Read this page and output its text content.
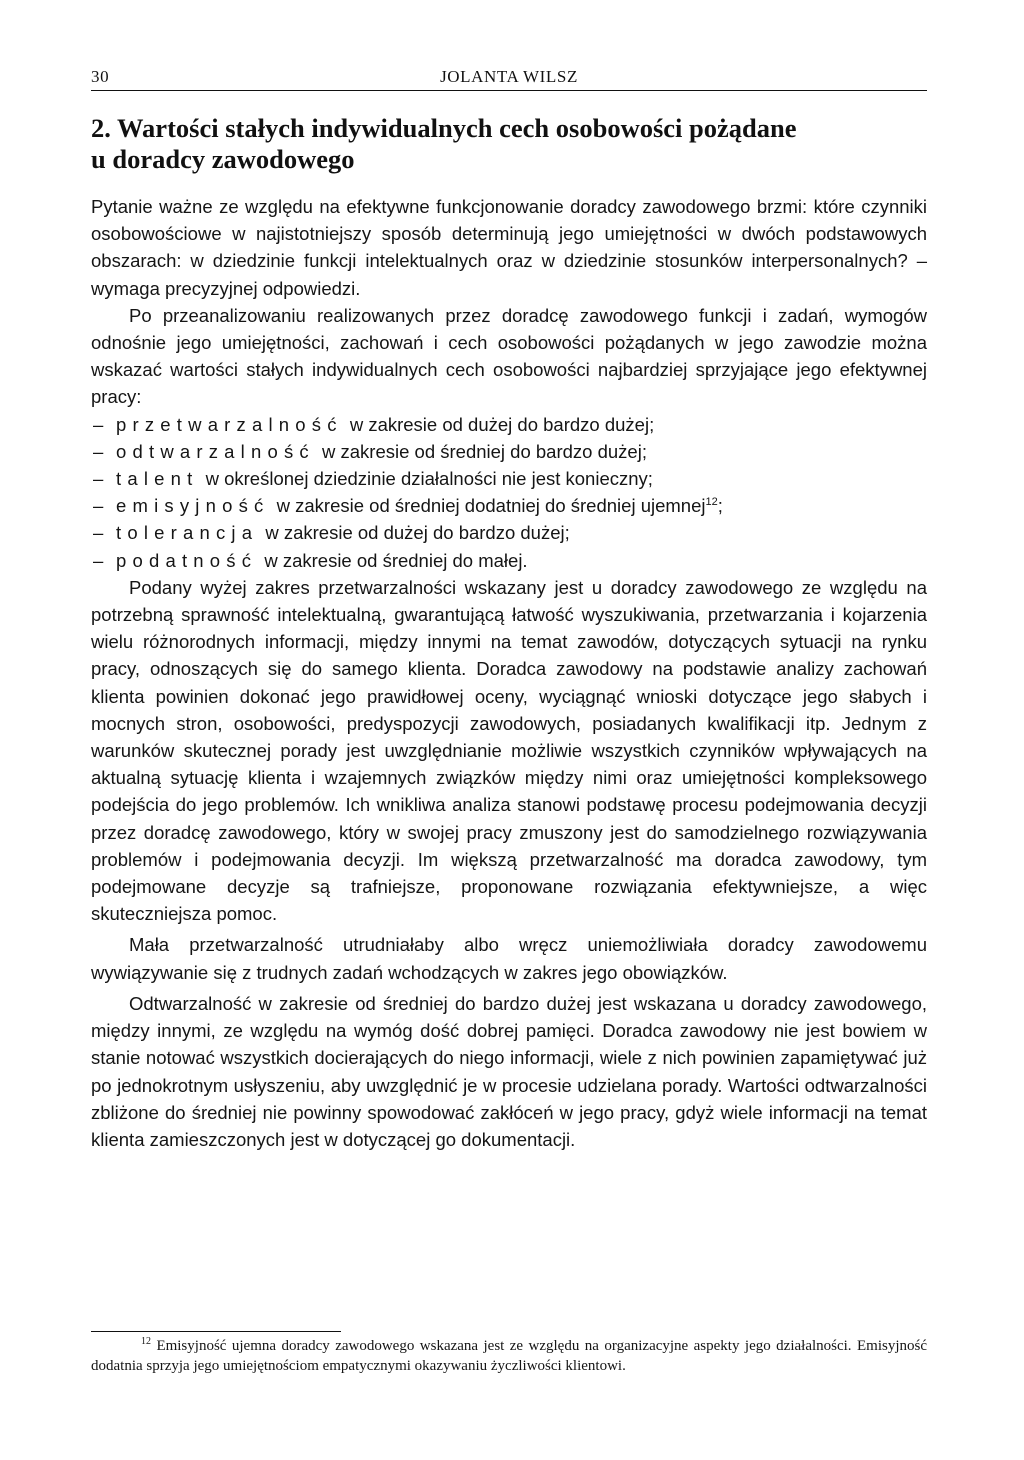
30	JOLANTA WILSZ
2. Wartości stałych indywidualnych cech osobowości pożądane
u doradcy zawodowego

Pytanie ważne ze względu na efektywne funkcjonowanie doradcy zawodowego brzmi: które czynniki osobowościowe w najistotniejszy sposób determinują jego umiejętności w dwóch podstawowych obszarach: w dziedzinie funkcji intelektualnych oraz w dziedzinie stosunków interpersonalnych? – wymaga precyzyjnej odpowiedzi.

Po przeanalizowaniu realizowanych przez doradcę zawodowego funkcji i zadań, wymogów odnośnie jego umiejętności, zachowań i cech osobowości pożądanych w jego zawodzie można wskazać wartości stałych indywidualnych cech osobowości najbardziej sprzyjające jego efektywnej pracy:

– przetwarzalność w zakresie od dużej do bardzo dużej;
– odtwarzalność w zakresie od średniej do bardzo dużej;
– talent w określonej dziedzinie działalności nie jest konieczny;
– emisyjność w zakresie od średniej dodatniej do średniej ujemnej$^{12}$;
– tolerancja w zakresie od dużej do bardzo dużej;
– podatność w zakresie od średniej do małej.

Podany wyżej zakres przetwarzalności wskazany jest u doradcy zawodowego ze względu na potrzebną sprawność intelektualną, gwarantującą łatwość wyszukiwania, przetwarzania i kojarzenia wielu różnorodnych informacji, między innymi na temat zawodów, dotyczących sytuacji na rynku pracy, odnoszących się do samego klienta. Doradca zawodowy na podstawie analizy zachowań klienta powinien dokonać jego prawidłowej oceny, wyciągnąć wnioski dotyczące jego słabych i mocnych stron, osobowości, predyspozycji zawodowych, posiadanych kwalifikacji itp. Jednym z warunków skutecznej porady jest uwzględnianie możliwie wszystkich czynników wpływających na aktualną sytuację klienta i wzajemnych związków między nimi oraz umiejętności kompleksowego podejścia do jego problemów. Ich wnikliwa analiza stanowi podstawę procesu podejmowania decyzji przez doradcę zawodowego, który w swojej pracy zmuszony jest do samodzielnego rozwiązywania problemów i podejmowania decyzji. Im większą przetwarzalność ma doradca zawodowy, tym podejmowane decyzje są trafniejsze, proponowane rozwiązania efektywniejsze, a więc skuteczniejsza pomoc.

Mała przetwarzalność utrudniałaby albo wręcz uniemożliwiała doradcy zawodowemu wywiązywanie się z trudnych zadań wchodzących w zakres jego obowiązków.

Odtwarzalność w zakresie od średniej do bardzo dużej jest wskazana u doradcy zawodowego, między innymi, ze względu na wymóg dość dobrej pamięci. Doradca zawodowy nie jest bowiem w stanie notować wszystkich docierających do niego informacji, wiele z nich powinien zapamiętywać już po jednokrotnym usłyszeniu, aby uwzględnić je w procesie udzielana porady. Wartości odtwarzalności zbliżone do średniej nie powinny spowodować zakłóceń w jego pracy, gdyż wiele informacji na temat klienta zamieszczonych jest w dotyczącej go dokumentacji.

$^{12}$ Emisyjność ujemna doradcy zawodowego wskazana jest ze względu na organizacyjne aspekty jego działalności. Emisyjność dodatnia sprzyja jego umiejętnościom empatycznymi okazywaniu życzliwości klientowi.
